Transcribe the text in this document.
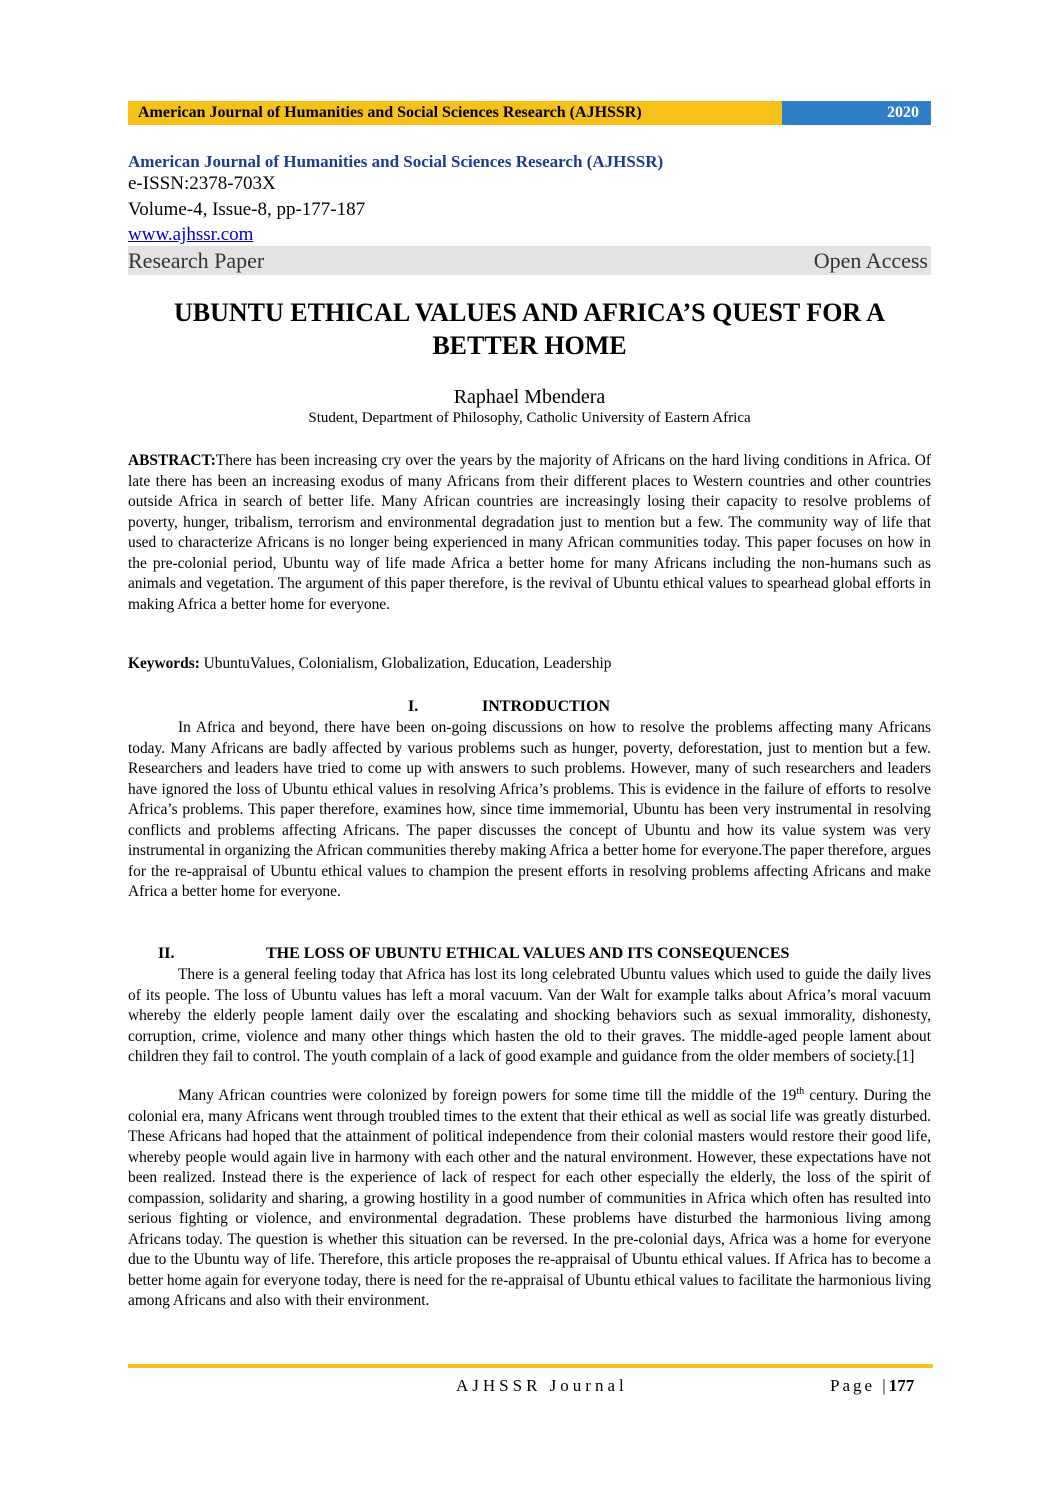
American Journal of Humanities and Social Sciences Research (AJHSSR)	2020
American Journal of Humanities and Social Sciences Research (AJHSSR)
e-ISSN:2378-703X
Volume-4, Issue-8, pp-177-187
www.ajhssr.com
Research Paper	Open Access
UBUNTU ETHICAL VALUES AND AFRICA’S QUEST FOR A BETTER HOME
Raphael Mbendera
Student, Department of Philosophy, Catholic University of Eastern Africa
ABSTRACT:There has been increasing cry over the years by the majority of Africans on the hard living conditions in Africa. Of late there has been an increasing exodus of many Africans from their different places to Western countries and other countries outside Africa in search of better life. Many African countries are increasingly losing their capacity to resolve problems of poverty, hunger, tribalism, terrorism and environmental degradation just to mention but a few. The community way of life that used to characterize Africans is no longer being experienced in many African communities today. This paper focuses on how in the pre-colonial period, Ubuntu way of life made Africa a better home for many Africans including the non-humans such as animals and vegetation. The argument of this paper therefore, is the revival of Ubuntu ethical values to spearhead global efforts in making Africa a better home for everyone.
Keywords: UbuntuValues, Colonialism, Globalization, Education, Leadership
I.	INTRODUCTION
In Africa and beyond, there have been on-going discussions on how to resolve the problems affecting many Africans today. Many Africans are badly affected by various problems such as hunger, poverty, deforestation, just to mention but a few. Researchers and leaders have tried to come up with answers to such problems. However, many of such researchers and leaders have ignored the loss of Ubuntu ethical values in resolving Africa’s problems. This is evidence in the failure of efforts to resolve Africa’s problems. This paper therefore, examines how, since time immemorial, Ubuntu has been very instrumental in resolving conflicts and problems affecting Africans. The paper discusses the concept of Ubuntu and how its value system was very instrumental in organizing the African communities thereby making Africa a better home for everyone.The paper therefore, argues for the re-appraisal of Ubuntu ethical values to champion the present efforts in resolving problems affecting Africans and make Africa a better home for everyone.
II.	THE LOSS OF UBUNTU ETHICAL VALUES AND ITS CONSEQUENCES
There is a general feeling today that Africa has lost its long celebrated Ubuntu values which used to guide the daily lives of its people. The loss of Ubuntu values has left a moral vacuum. Van der Walt for example talks about Africa’s moral vacuum whereby the elderly people lament daily over the escalating and shocking behaviors such as sexual immorality, dishonesty, corruption, crime, violence and many other things which hasten the old to their graves. The middle-aged people lament about children they fail to control. The youth complain of a lack of good example and guidance from the older members of society.[1]
Many African countries were colonized by foreign powers for some time till the middle of the 19th century. During the colonial era, many Africans went through troubled times to the extent that their ethical as well as social life was greatly disturbed. These Africans had hoped that the attainment of political independence from their colonial masters would restore their good life, whereby people would again live in harmony with each other and the natural environment. However, these expectations have not been realized. Instead there is the experience of lack of respect for each other especially the elderly, the loss of the spirit of compassion, solidarity and sharing, a growing hostility in a good number of communities in Africa which often has resulted into serious fighting or violence, and environmental degradation. These problems have disturbed the harmonious living among Africans today. The question is whether this situation can be reversed. In the pre-colonial days, Africa was a home for everyone due to the Ubuntu way of life. Therefore, this article proposes the re-appraisal of Ubuntu ethical values. If Africa has to become a better home again for everyone today, there is need for the re-appraisal of Ubuntu ethical values to facilitate the harmonious living among Africans and also with their environment.
AJHSSR Journal	Page |177
